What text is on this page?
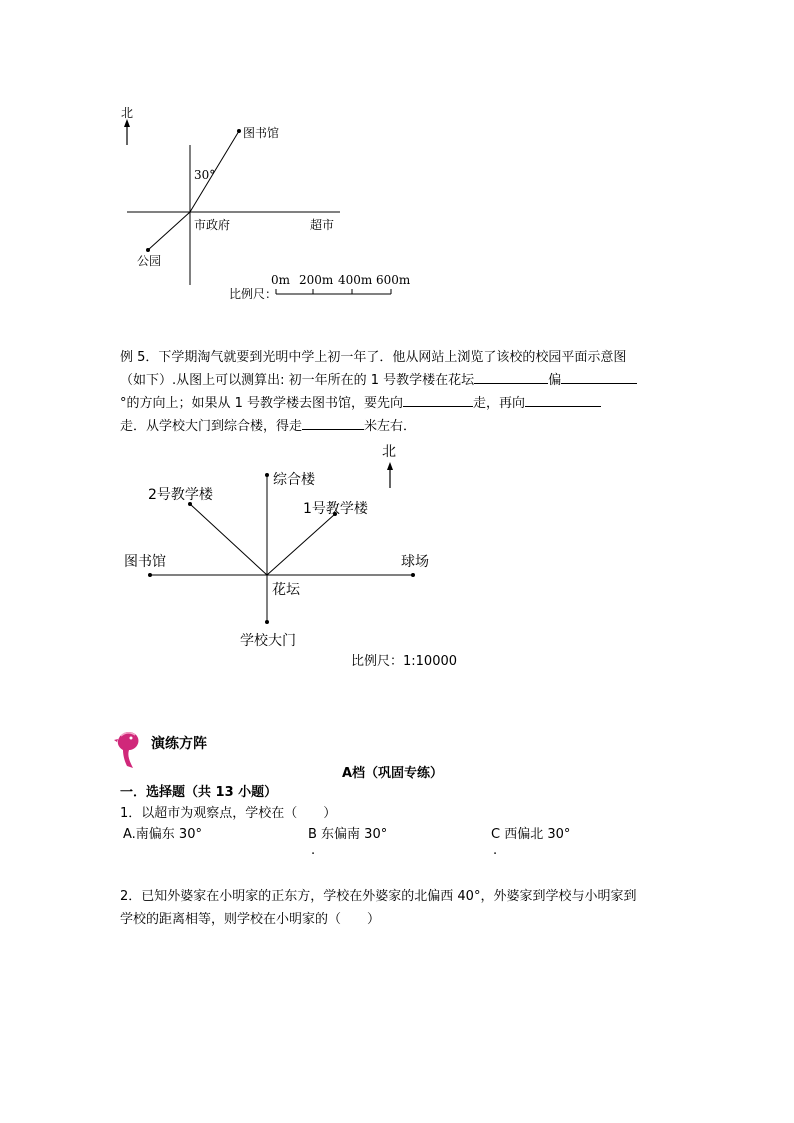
北
图书馆
30°
市政府	超市
公园
比例尺：
0m 200m 400m 600m
例 5．下学期淘气就要到光明中学上初一年了．他从网站上浏览了该校的校园平面示意图
（如下）.从图上可以测算出: 初一年所在的 1 号教学楼在花坛	偏
°的方向上；如果从 1 号教学楼去图书馆，要先向	走，再向
走．从学校大门到综合楼，得走	米左右．
北
综合楼
2号教学楼
1号教学楼
图书馆	球场
花坛
学校大门
比例尺：1:10000
演练方阵
A档（巩固专练）
一．选择题（共 13 小题）
1．以超市为观察点，学校在（　　）
A.南偏东 30°	B 东偏南 30°	C 西偏北 30°
.	.
2．已知外婆家在小明家的正东方，学校在外婆家的北偏西 40°，外婆家到学校与小明家到
学校的距离相等，则学校在小明家的（　　）
